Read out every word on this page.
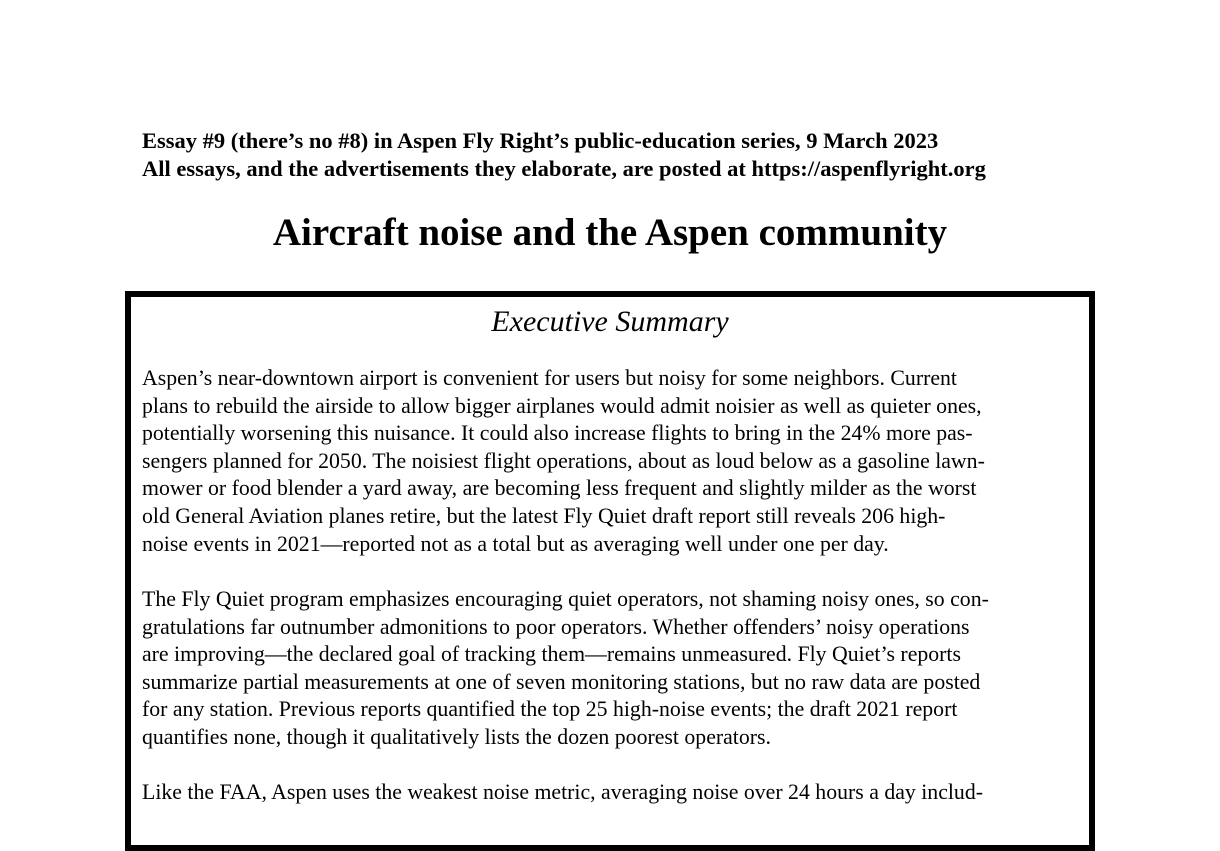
Essay #9 (there’s no #8) in Aspen Fly Right’s public-education series, 9 March 2023
All essays, and the advertisements they elaborate, are posted at https://aspenflyright.org
Aircraft noise and the Aspen community
Executive Summary
Aspen’s near-downtown airport is convenient for users but noisy for some neighbors. Current
plans to rebuild the airside to allow bigger airplanes would admit noisier as well as quieter ones,
potentially worsening this nuisance. It could also increase flights to bring in the 24% more pas-
sengers planned for 2050. The noisiest flight operations, about as loud below as a gasoline lawn-
mower or food blender a yard away, are becoming less frequent and slightly milder as the worst
old General Aviation planes retire, but the latest Fly Quiet draft report still reveals 206 high-
noise events in 2021—reported not as a total but as averaging well under one per day.
The Fly Quiet program emphasizes encouraging quiet operators, not shaming noisy ones, so con-
gratulations far outnumber admonitions to poor operators. Whether offenders’ noisy operations
are improving—the declared goal of tracking them—remains unmeasured. Fly Quiet’s reports
summarize partial measurements at one of seven monitoring stations, but no raw data are posted
for any station. Previous reports quantified the top 25 high-noise events; the draft 2021 report
quantifies none, though it qualitatively lists the dozen poorest operators.
Like the FAA, Aspen uses the weakest noise metric, averaging noise over 24 hours a day includ-
